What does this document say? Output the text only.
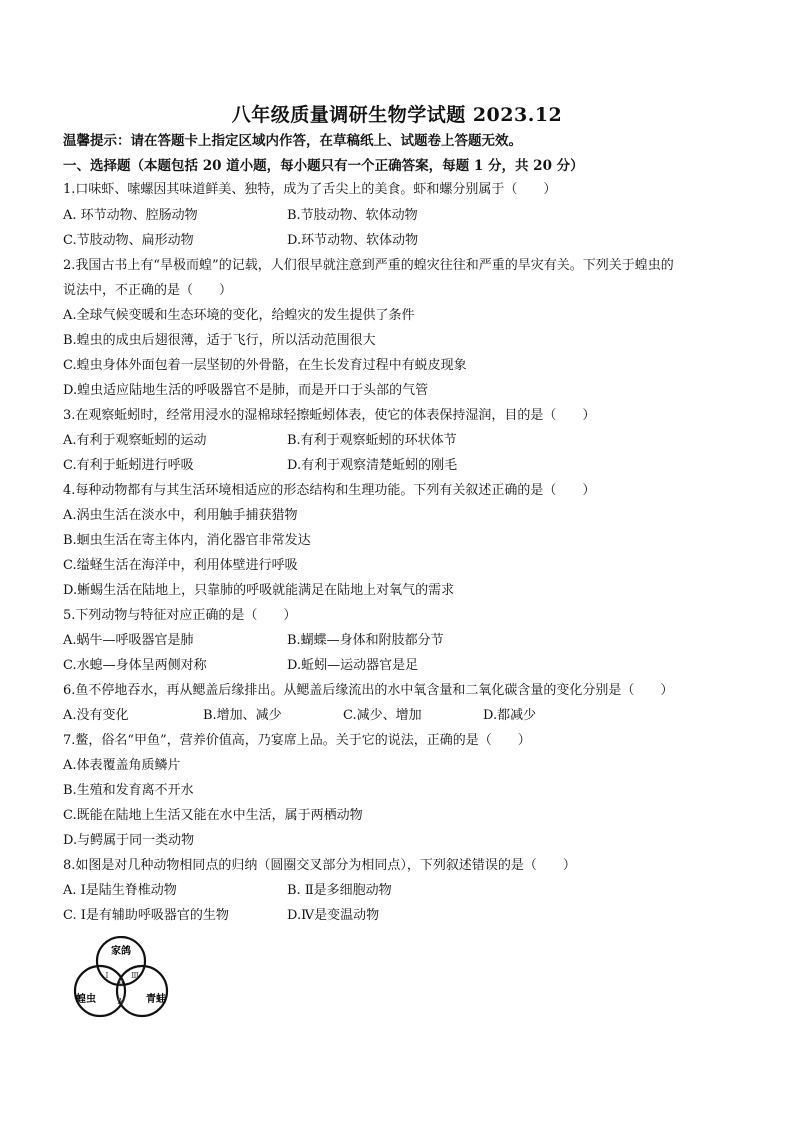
八年级质量调研生物学试题 2023.12
温馨提示：请在答题卡上指定区域内作答，在草稿纸上、试题卷上答题无效。
一、选择题（本题包括 20 道小题，每小题只有一个正确答案，每题 1 分，共 20 分）
1.口味虾、嗦螺因其味道鲜美、独特，成为了舌尖上的美食。虾和螺分别属于（　　）
A. 环节动物、腔肠动物	B.节肢动物、软体动物
C.节肢动物、扁形动物	D.环节动物、软体动物
2.我国古书上有“旱极而蝗”的记载，人们很早就注意到严重的蝗灾往往和严重的旱灾有关。下列关于蝗虫的
说法中，不正确的是（　　）
A.全球气候变暖和生态环境的变化，给蝗灾的发生提供了条件
B.蝗虫的成虫后翅很薄，适于飞行，所以活动范围很大
C.蝗虫身体外面包着一层坚韧的外骨骼，在生长发育过程中有蜕皮现象
D.蝗虫适应陆地生活的呼吸器官不是肺，而是开口于头部的气管
3.在观察蚯蚓时，经常用浸水的湿棉球轻擦蚯蚓体表，使它的体表保持湿润，目的是（　　）
A.有利于观察蚯蚓的运动	B.有利于观察蚯蚓的环状体节
C.有利于蚯蚓进行呼吸	D.有利于观察清楚蚯蚓的刚毛
4.每种动物都有与其生活环境相适应的形态结构和生理功能。下列有关叙述正确的是（　　）
A.涡虫生活在淡水中，利用触手捕获猎物
B.蛔虫生活在寄主体内，消化器官非常发达
C.缢蛏生活在海洋中，利用体壁进行呼吸
D.蜥蜴生活在陆地上，只靠肺的呼吸就能满足在陆地上对氧气的需求
5.下列动物与特征对应正确的是（　　）
A.蜗牛—呼吸器官是肺	B.蝴蝶—身体和附肢都分节
C.水螅—身体呈两侧对称	D.蚯蚓—运动器官是足
6.鱼不停地吞水，再从鳃盖后缘排出。从鳃盖后缘流出的水中氧含量和二氧化碳含量的变化分别是（　　）
A.没有变化	B.增加、减少	C.减少、增加	D.都减少
7.鳖，俗名“甲鱼”，营养价值高，乃宴席上品。关于它的说法，正确的是（　　）
A.体表覆盖角质鳞片
B.生殖和发育离不开水
C.既能在陆地上生活又能在水中生活，属于两栖动物
D.与鳄属于同一类动物
8.如图是对几种动物相同点的归纳（圆圈交叉部分为相同点），下列叙述错误的是（　　）
A. Ⅰ是陆生脊椎动物	B. Ⅱ是多细胞动物
C. Ⅰ是有辅助呼吸器官的生物	D.Ⅳ是变温动物
家鸽
蝗虫	青蛙
Ⅰ
Ⅱ
Ⅲ
Ⅳ
